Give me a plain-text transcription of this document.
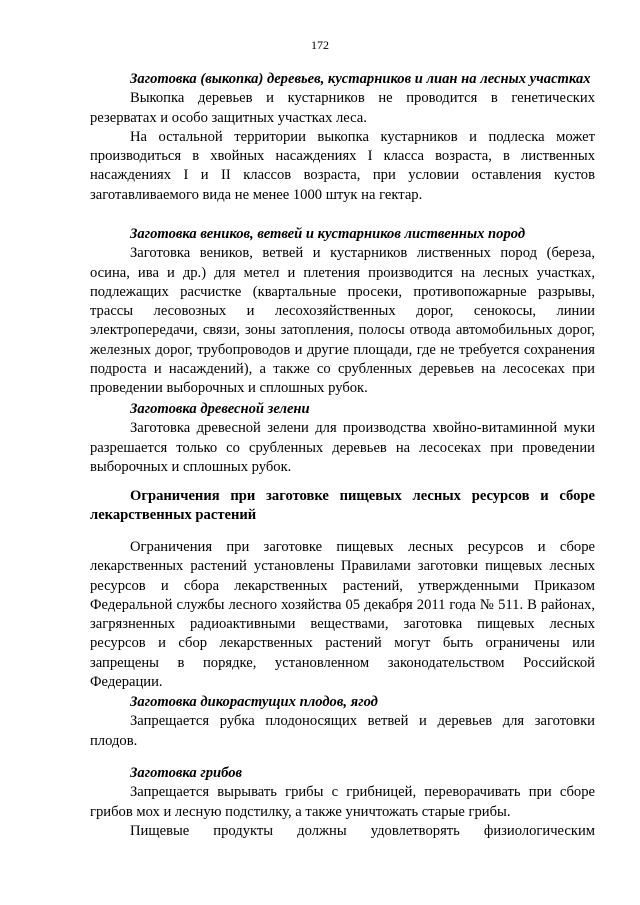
172

Заготовка (выкопка) деревьев, кустарников и лиан на лесных участках

Выкопка деревьев и кустарников не проводится в генетических резерватах и особо защитных участках леса.

На остальной территории выкопка кустарников и подлеска может производиться в хвойных насаждениях I класса возраста, в лиственных насаждениях I и II классов возраста, при условии оставления кустов заготавливаемого вида не менее 1000 штук на гектар.

Заготовка веников, ветвей и кустарников лиственных пород

Заготовка веников, ветвей и кустарников лиственных пород (береза, осина, ива и др.) для метел и плетения производится на лесных участках, подлежащих расчистке (квартальные просеки, противопожарные разрывы, трассы лесовозных и лесохозяйственных дорог, сенокосы, линии электропередачи, связи, зоны затопления, полосы отвода автомобильных дорог, железных дорог, трубопроводов и другие площади, где не требуется сохранения подроста и насаждений), а также со срубленных деревьев на лесосеках при проведении выборочных и сплошных рубок.

Заготовка древесной зелени

Заготовка древесной зелени для производства хвойно-витаминной муки разрешается только со срубленных деревьев на лесосеках при проведении выборочных и сплошных рубок.

Ограничения при заготовке пищевых лесных ресурсов и сборе лекарственных растений

Ограничения при заготовке пищевых лесных ресурсов и сборе лекарственных растений установлены Правилами заготовки пищевых лесных ресурсов и сбора лекарственных растений, утвержденными Приказом Федеральной службы лесного хозяйства 05 декабря 2011 года № 511. В районах, загрязненных радиоактивными веществами, заготовка пищевых лесных ресурсов и сбор лекарственных растений могут быть ограничены или запрещены в порядке, установленном законодательством Российской Федерации.

Заготовка дикорастущих плодов, ягод

Запрещается рубка плодоносящих ветвей и деревьев для заготовки плодов.

Заготовка грибов

Запрещается вырывать грибы с грибницей, переворачивать при сборе грибов мох и лесную подстилку, а также уничтожать старые грибы.

Пищевые продукты должны удовлетворять физиологическим
